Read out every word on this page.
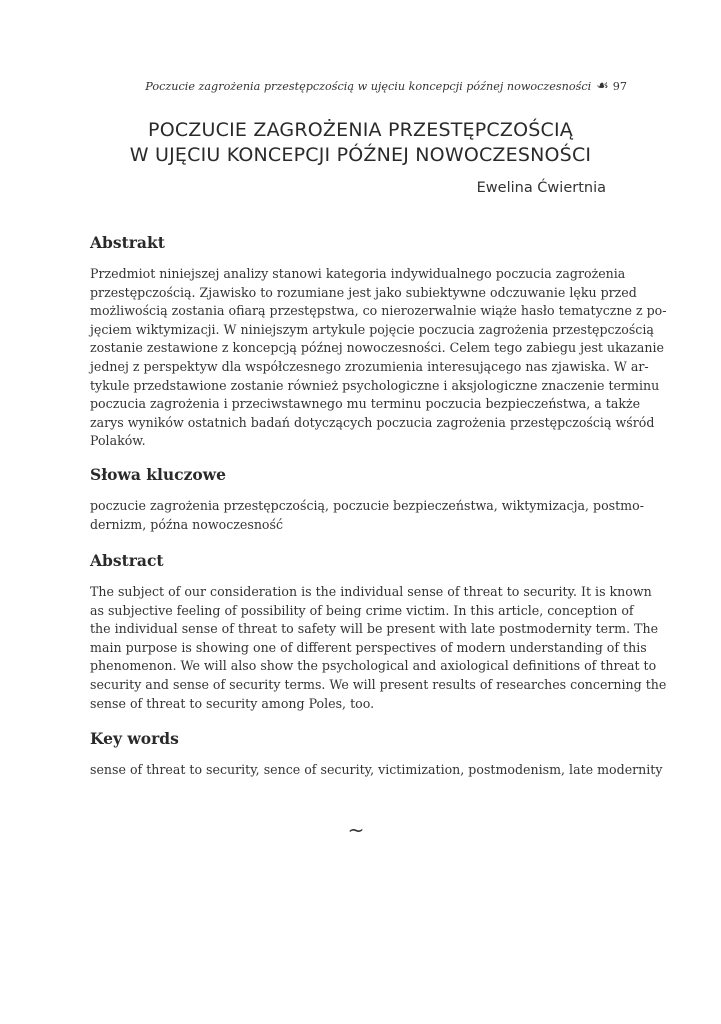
Poczucie zagrożenia przestępczością w ujęciu koncepcji późnej nowoczesności ☙ 97
POCZUCIE ZAGROŻENIA PRZESTĘPCZOŚCIĄ
W UJĘCIU KONCEPCJI PÓŹNEJ NOWOCZESNOŚCI
Ewelina Ćwiertnia
Abstrakt
Przedmiot niniejszej analizy stanowi kategoria indywidualnego poczucia zagrożenia
przestępczością. Zjawisko to rozumiane jest jako subiektywne odczuwanie lęku przed
możliwością zostania ofiarą przestępstwa, co nierozerwalnie wiąże hasło tematyczne z po-
jęciem wiktymizacji. W niniejszym artykule pojęcie poczucia zagrożenia przestępczością
zostanie zestawione z koncepcją późnej nowoczesności. Celem tego zabiegu jest ukazanie
jednej z perspektyw dla współczesnego zrozumienia interesującego nas zjawiska. W ar-
tykule przedstawione zostanie również psychologiczne i aksjologiczne znaczenie terminu
poczucia zagrożenia i przeciwstawnego mu terminu poczucia bezpieczeństwa, a także
zarys wyników ostatnich badań dotyczących poczucia zagrożenia przestępczością wśród
Polaków.
Słowa kluczowe
poczucie zagrożenia przestępczością, poczucie bezpieczeństwa, wiktymizacja, postmo-
dernizm, późna nowoczesność
Abstract
The subject of our consideration is the individual sense of threat to security. It is known
as subjective feeling of possibility of being crime victim. In this article, conception of
the individual sense of threat to safety will be present with late postmodernity term. The
main purpose is showing one of different perspectives of modern understanding of this
phenomenon. We will also show the psychological and axiological definitions of threat to
security and sense of security terms. We will present results of researches concerning the
sense of threat to security among Poles, too.
Key words
sense of threat to security, sence of security, victimization, postmodenism, late modernity
~
